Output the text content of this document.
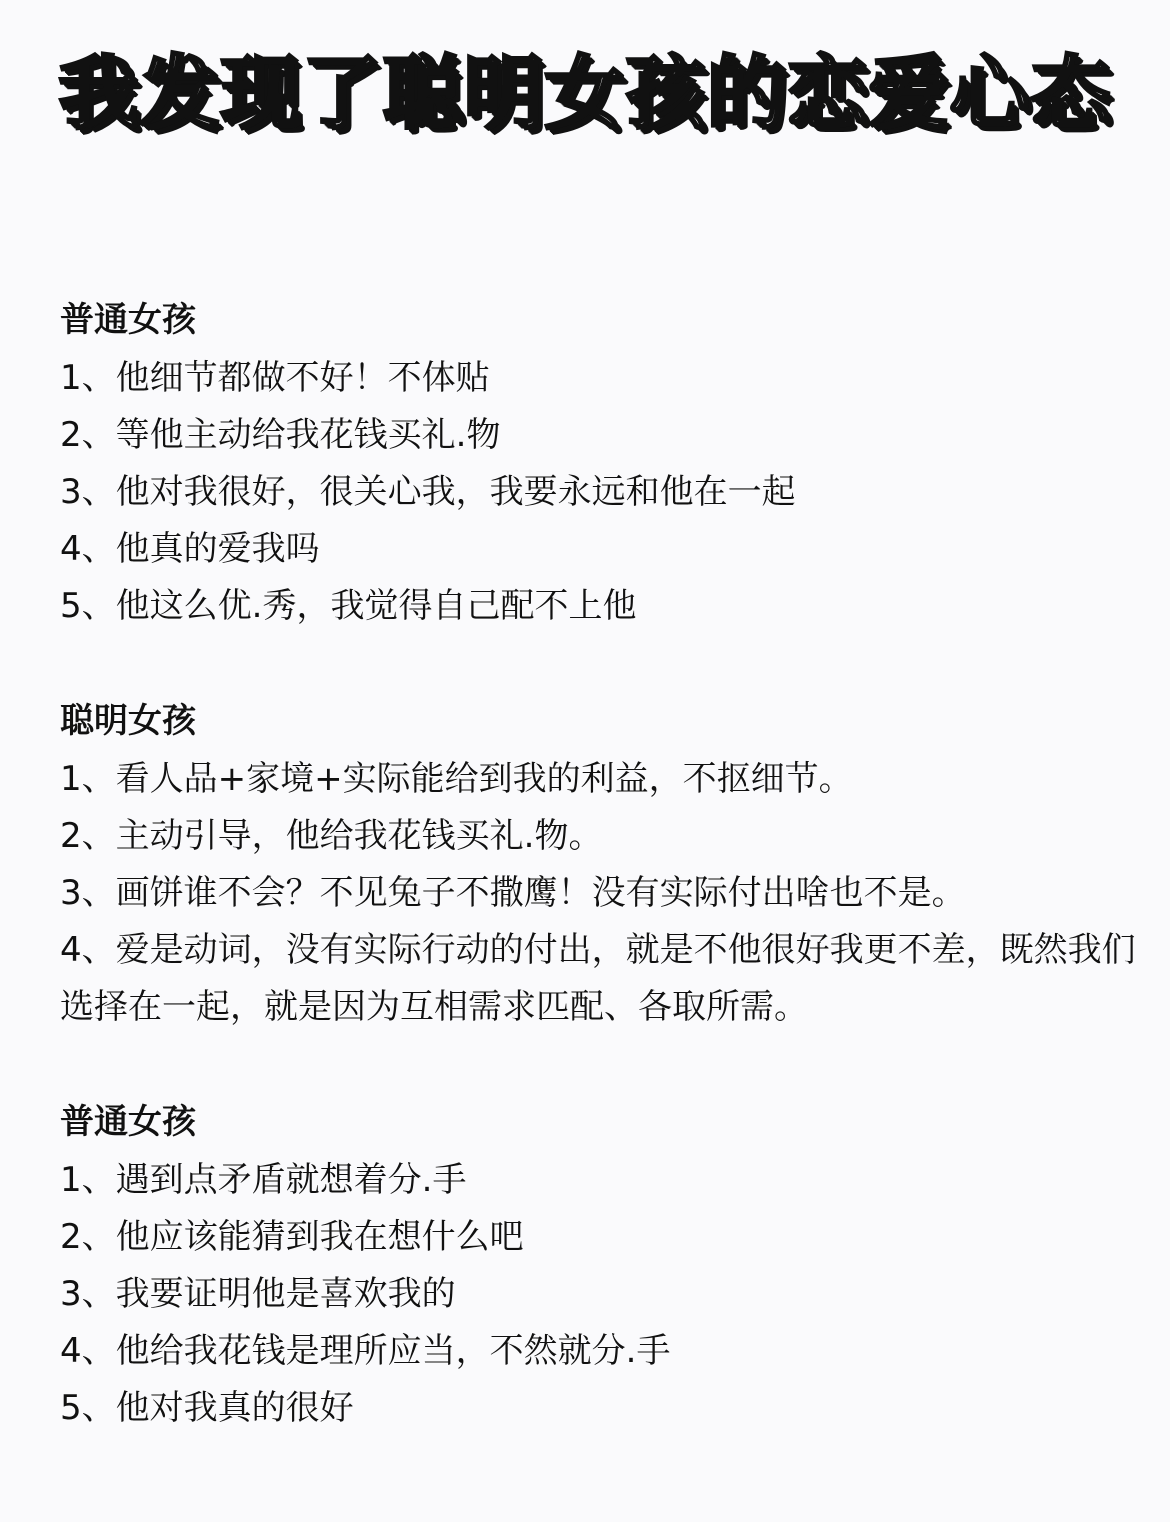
我发现了聪明女孩的恋爱心态
普通女孩
1、他细节都做不好！不体贴
2、等他主动给我花钱买礼.物
3、他对我很好，很关心我，我要永远和他在一起
4、他真的爱我吗
5、他这么优.秀，我觉得自己配不上他
聪明女孩
1、看人品+家境+实际能给到我的利益，不抠细节。
2、主动引导，他给我花钱买礼.物。
3、画饼谁不会？不见兔子不撒鹰！没有实际付出啥也不是。
4、爱是动词，没有实际行动的付出，就是不他很好我更不差，既然我们选择在一起，就是因为互相需求匹配、各取所需。
普通女孩
1、遇到点矛盾就想着分.手
2、他应该能猜到我在想什么吧
3、我要证明他是喜欢我的
4、他给我花钱是理所应当，不然就分.手
5、他对我真的很好
